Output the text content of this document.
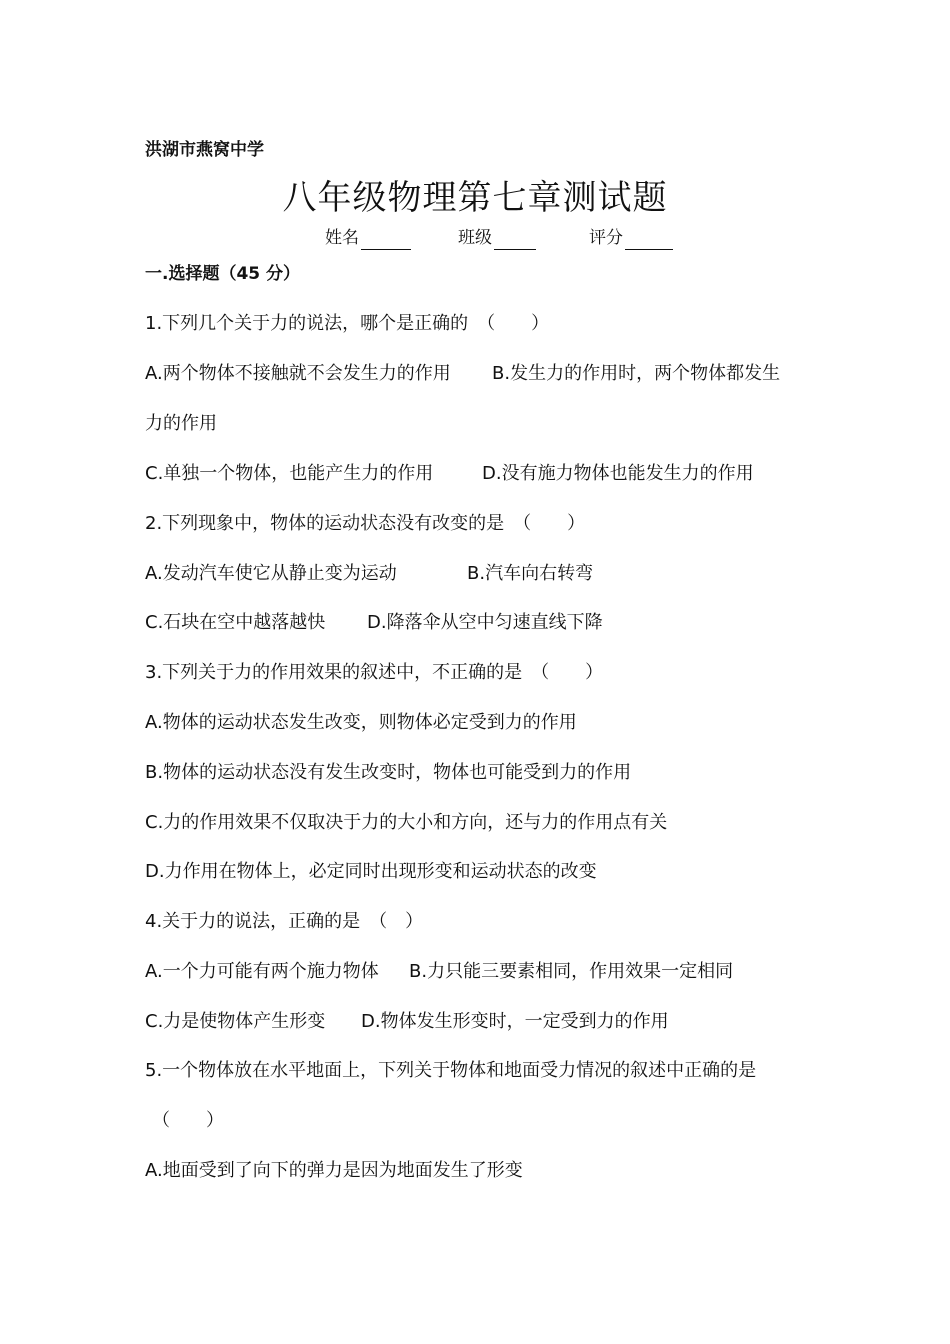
洪湖市燕窝中学
八年级物理第七章测试题
姓名	班级	评分
一.选择题（45 分）
1.下列几个关于力的说法，哪个是正确的　（　　）
A.两个物体不接触就不会发生力的作用 B.发生力的作用时，两个物体都发生
力的作用
C.单独一个物体，也能产生力的作用	D.没有施力物体也能发生力的作用
2.下列现象中，物体的运动状态没有改变的是　（　　）
A.发动汽车使它从静止变为运动	B.汽车向右转弯
C.石块在空中越落越快 D.降落伞从空中匀速直线下降
3.下列关于力的作用效果的叙述中，不正确的是　（　　）
A.物体的运动状态发生改变，则物体必定受到力的作用
B.物体的运动状态没有发生改变时，物体也可能受到力的作用
C.力的作用效果不仅取决于力的大小和方向，还与力的作用点有关
D.力作用在物体上，必定同时出现形变和运动状态的改变
4.关于力的说法，正确的是　（　）
A.一个力可能有两个施力物体 B.力只能三要素相同，作用效果一定相同
C.力是使物体产生形变 D.物体发生形变时，一定受到力的作用
5.一个物体放在水平地面上，下列关于物体和地面受力情况的叙述中正确的是
（　　）
A.地面受到了向下的弹力是因为地面发生了形变
